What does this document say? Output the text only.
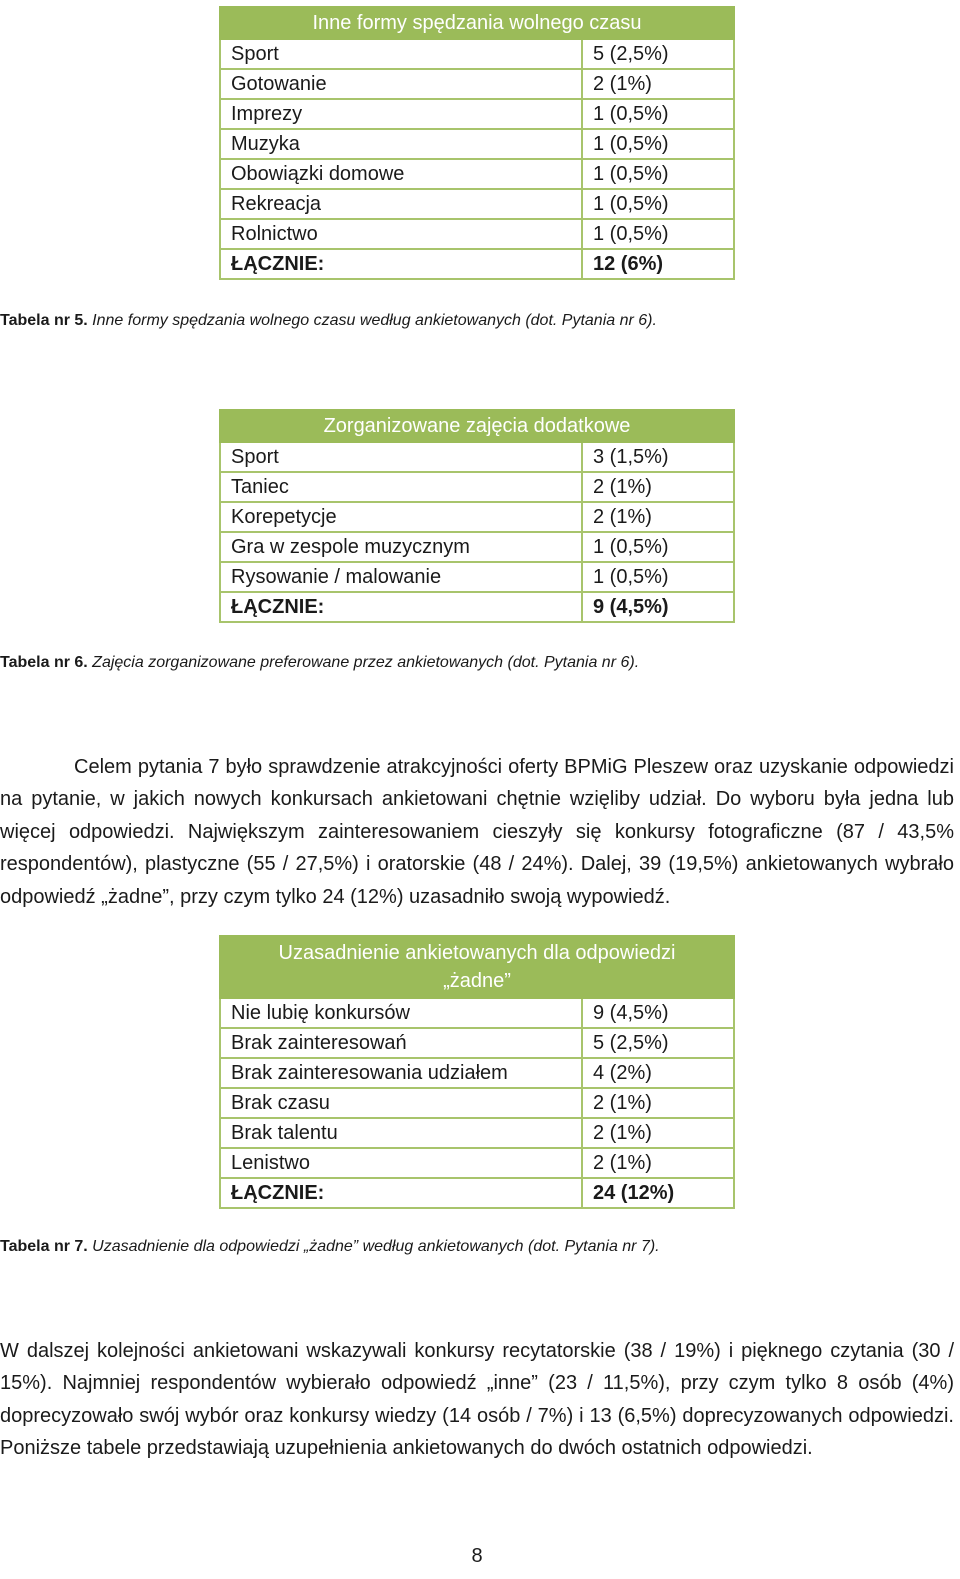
Inne formy spędzania wolnego czasu	
Sport	5 (2,5%)
Gotowanie	2 (1%)
Imprezy	1 (0,5%)
Muzyka	1 (0,5%)
Obowiązki domowe	1 (0,5%)
Rekreacja	1 (0,5%)
Rolnictwo	1 (0,5%)
ŁĄCZNIE:	12 (6%)
Tabela nr 5. Inne formy spędzania wolnego czasu według ankietowanych (dot. Pytania nr 6).
Zorganizowane zajęcia dodatkowe	
Sport	3 (1,5%)
Taniec	2 (1%)
Korepetycje	2 (1%)
Gra w zespole muzycznym	1 (0,5%)
Rysowanie / malowanie	1 (0,5%)
ŁĄCZNIE:	9 (4,5%)
Tabela nr 6. Zajęcia zorganizowane preferowane przez ankietowanych (dot. Pytania nr 6).

Celem pytania 7 było sprawdzenie atrakcyjności oferty BPMiG Pleszew oraz uzyskanie odpowiedzi na pytanie, w jakich nowych konkursach ankietowani chętnie wzięliby udział. Do wyboru była jedna lub więcej odpowiedzi. Największym zainteresowaniem cieszyły się konkursy fotograficzne (87 / 43,5% respondentów), plastyczne (55 / 27,5%) i oratorskie (48 / 24%). Dalej, 39 (19,5%) ankietowanych wybrało odpowiedź „żadne”, przy czym tylko 24 (12%) uzasadniło swoją wypowiedź.

Uzasadnienie ankietowanych dla odpowiedzi „żadne”	
Nie lubię konkursów	9 (4,5%)
Brak zainteresowań	5 (2,5%)
Brak zainteresowania udziałem	4 (2%)
Brak czasu	2 (1%)
Brak talentu	2 (1%)
Lenistwo	2 (1%)
ŁĄCZNIE:	24 (12%)
Tabela nr 7. Uzasadnienie dla odpowiedzi „żadne” według ankietowanych (dot. Pytania nr 7).

W dalszej kolejności ankietowani wskazywali konkursy recytatorskie (38 / 19%) i pięknego czytania (30 / 15%). Najmniej respondentów wybierało odpowiedź „inne” (23 / 11,5%), przy czym tylko 8 osób (4%) doprecyzowało swój wybór oraz konkursy wiedzy (14 osób / 7%) i 13 (6,5%) doprecyzowanych odpowiedzi. Poniższe tabele przedstawiają uzupełnienia ankietowanych do dwóch ostatnich odpowiedzi.

8
